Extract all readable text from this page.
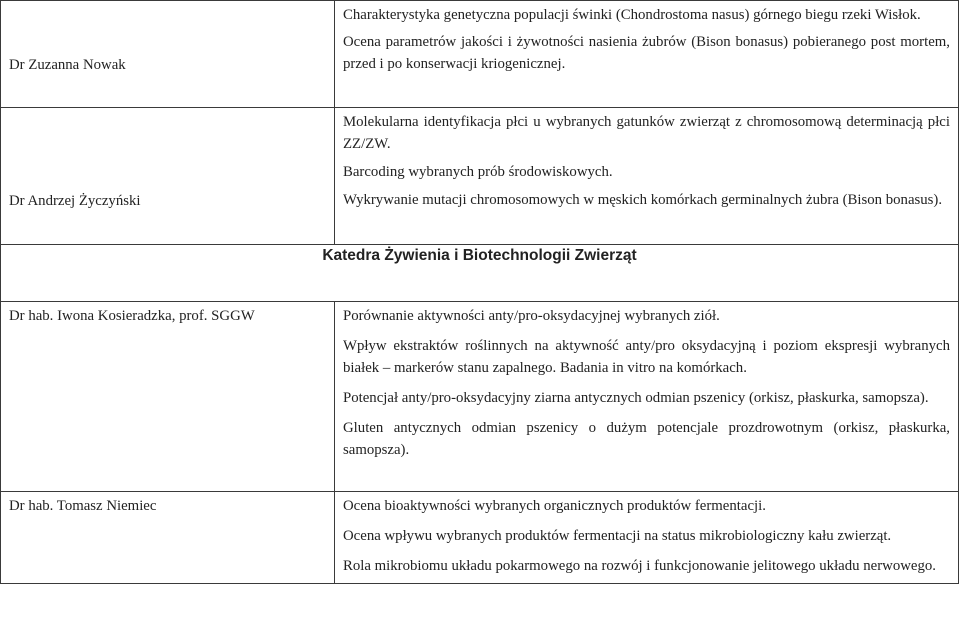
Dr Zuzanna Nowak	Charakterystyka genetyczna populacji świnki (Chondrostoma nasus) górnego biegu rzeki Wisłok.

Ocena parametrów jakości i żywotności nasienia żubrów (Bison bonasus) pobieranego post mortem, przed i po konserwacji kriogenicznej.

Dr Andrzej Życzyński	Molekularna identyfikacja płci u wybranych gatunków zwierząt z chromosomową determinacją płci ZZ/ZW.

Barcoding wybranych prób środowiskowych.

Wykrywanie mutacji chromosomowych w męskich komórkach germinalnych żubra (Bison bonasus).

Katedra Żywienia i Biotechnologii Zwierząt	

Dr hab. Iwona Kosieradzka, prof. SGGW	Porównanie aktywności anty/pro-oksydacyjnej wybranych ziół.

Wpływ ekstraktów roślinnych na aktywność anty/pro oksydacyjną i poziom ekspresji wybranych białek – markerów stanu zapalnego. Badania in vitro na komórkach.

Potencjał anty/pro-oksydacyjny ziarna antycznych odmian pszenicy (orkisz, płaskurka, samopsza).

Gluten antycznych odmian pszenicy o dużym potencjale prozdrowotnym (orkisz, płaskurka, samopsza).

Dr hab. Tomasz Niemiec	Ocena bioaktywności wybranych organicznych produktów fermentacji.

Ocena wpływu wybranych produktów fermentacji na status mikrobiologiczny kału zwierząt.

Rola mikrobiomu układu pokarmowego na rozwój i funkcjonowanie jelitowego układu nerwowego.
